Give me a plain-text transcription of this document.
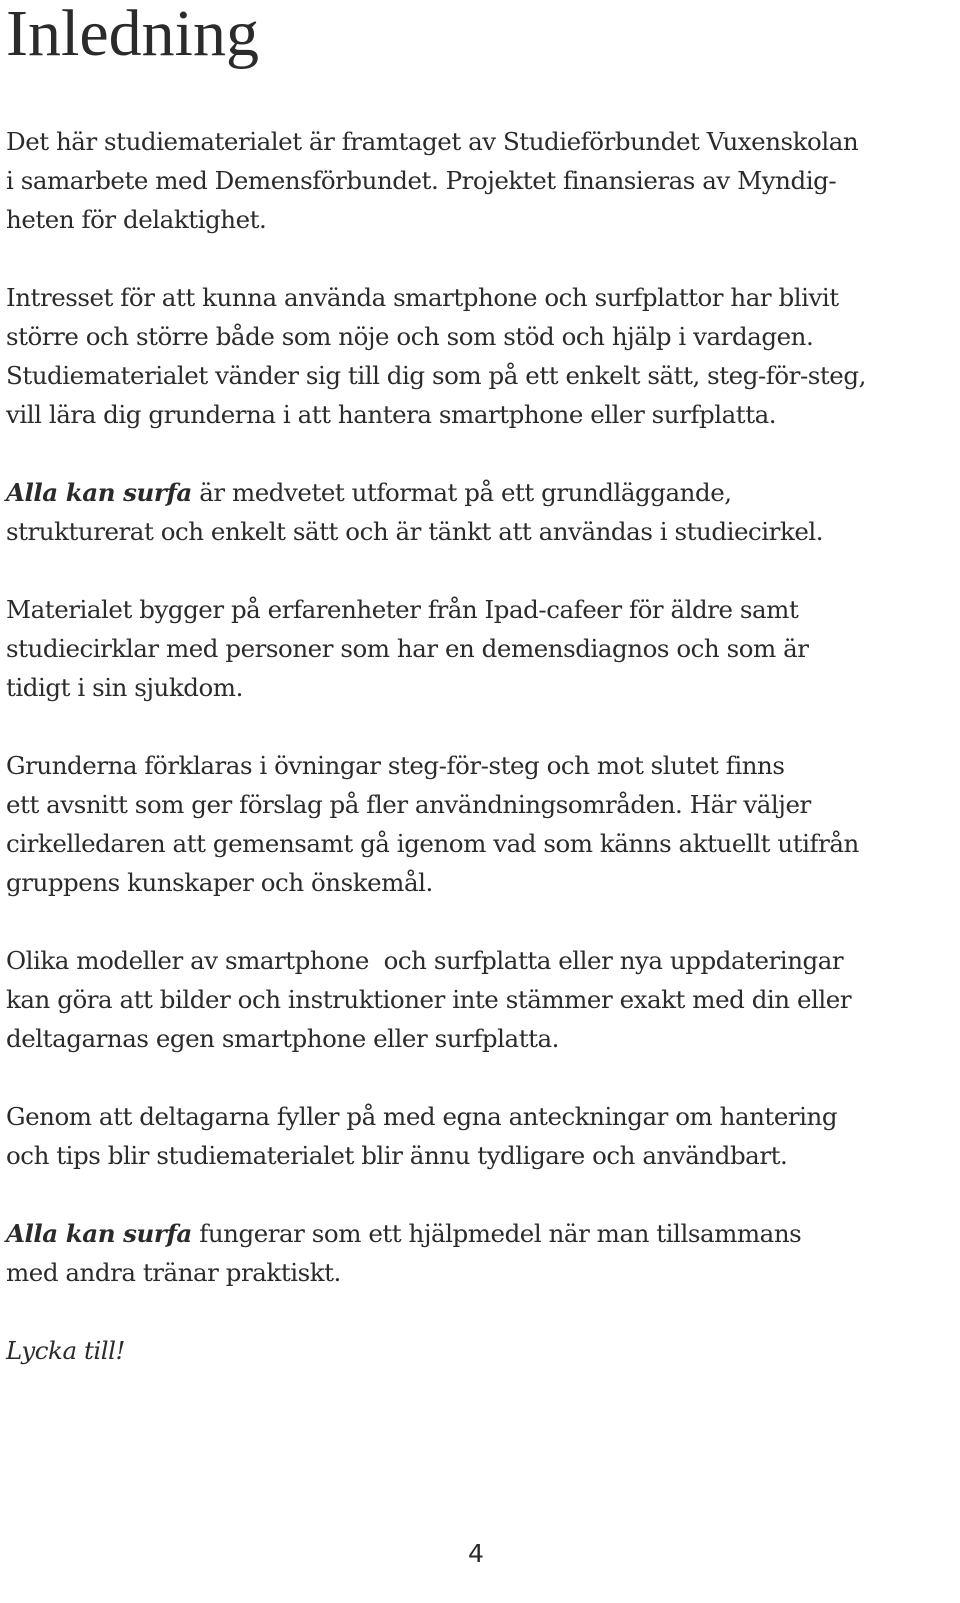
Inledning

Det här studiematerialet är framtaget av Studieförbundet Vuxenskolan
i samarbete med Demensförbundet. Projektet finansieras av Myndig-
heten för delaktighet.

Intresset för att kunna använda smartphone och surfplattor har blivit
större och större både som nöje och som stöd och hjälp i vardagen.
Studiematerialet vänder sig till dig som på ett enkelt sätt, steg-för-steg,
vill lära dig grunderna i att hantera smartphone eller surfplatta.

Alla kan surfa är medvetet utformat på ett grundläggande,
strukturerat och enkelt sätt och är tänkt att användas i studiecirkel.

Materialet bygger på erfarenheter från Ipad-cafeer för äldre samt
studiecirklar med personer som har en demensdiagnos och som är
tidigt i sin sjukdom.

Grunderna förklaras i övningar steg-för-steg och mot slutet finns
ett avsnitt som ger förslag på fler användningsområden. Här väljer
cirkelledaren att gemensamt gå igenom vad som känns aktuellt utifrån
gruppens kunskaper och önskemål.

Olika modeller av smartphone  och surfplatta eller nya uppdateringar
kan göra att bilder och instruktioner inte stämmer exakt med din eller
deltagarnas egen smartphone eller surfplatta.

Genom att deltagarna fyller på med egna anteckningar om hantering
och tips blir studiematerialet blir ännu tydligare och användbart.

Alla kan surfa fungerar som ett hjälpmedel när man tillsammans
med andra tränar praktiskt.

Lycka till!

4
